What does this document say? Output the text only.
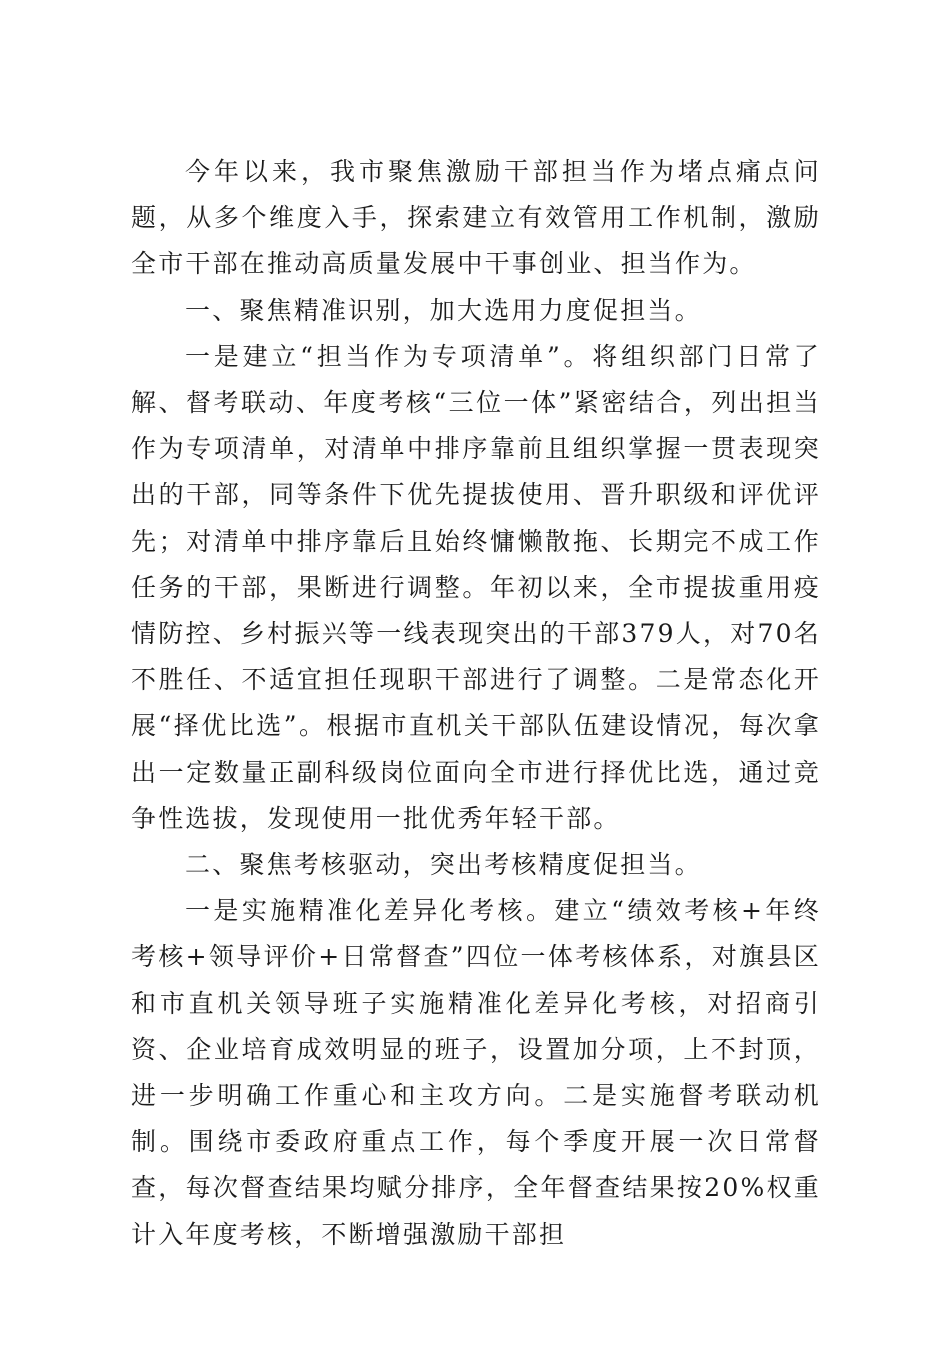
今年以来，我市聚焦激励干部担当作为堵点痛点问题，从多个维度入手，探索建立有效管用工作机制，激励全市干部在推动高质量发展中干事创业、担当作为。

一、聚焦精准识别，加大选用力度促担当。

一是建立“担当作为专项清单”。将组织部门日常了解、督考联动、年度考核“三位一体”紧密结合，列出担当作为专项清单，对清单中排序靠前且组织掌握一贯表现突出的干部，同等条件下优先提拔使用、晋升职级和评优评先；对清单中排序靠后且始终慵懒散拖、长期完不成工作任务的干部，果断进行调整。年初以来，全市提拔重用疫情防控、乡村振兴等一线表现突出的干部379人，对70名不胜任、不适宜担任现职干部进行了调整。二是常态化开展“择优比选”。根据市直机关干部队伍建设情况，每次拿出一定数量正副科级岗位面向全市进行择优比选，通过竞争性选拔，发现使用一批优秀年轻干部。

二、聚焦考核驱动，突出考核精度促担当。

一是实施精准化差异化考核。建立“绩效考核+年终考核+领导评价+日常督查”四位一体考核体系，对旗县区和市直机关领导班子实施精准化差异化考核，对招商引资、企业培育成效明显的班子，设置加分项，上不封顶，进一步明确工作重心和主攻方向。二是实施督考联动机制。围绕市委政府重点工作，每个季度开展一次日常督查，每次督查结果均赋分排序，全年督查结果按20%权重计入年度考核，不断增强激励干部担
